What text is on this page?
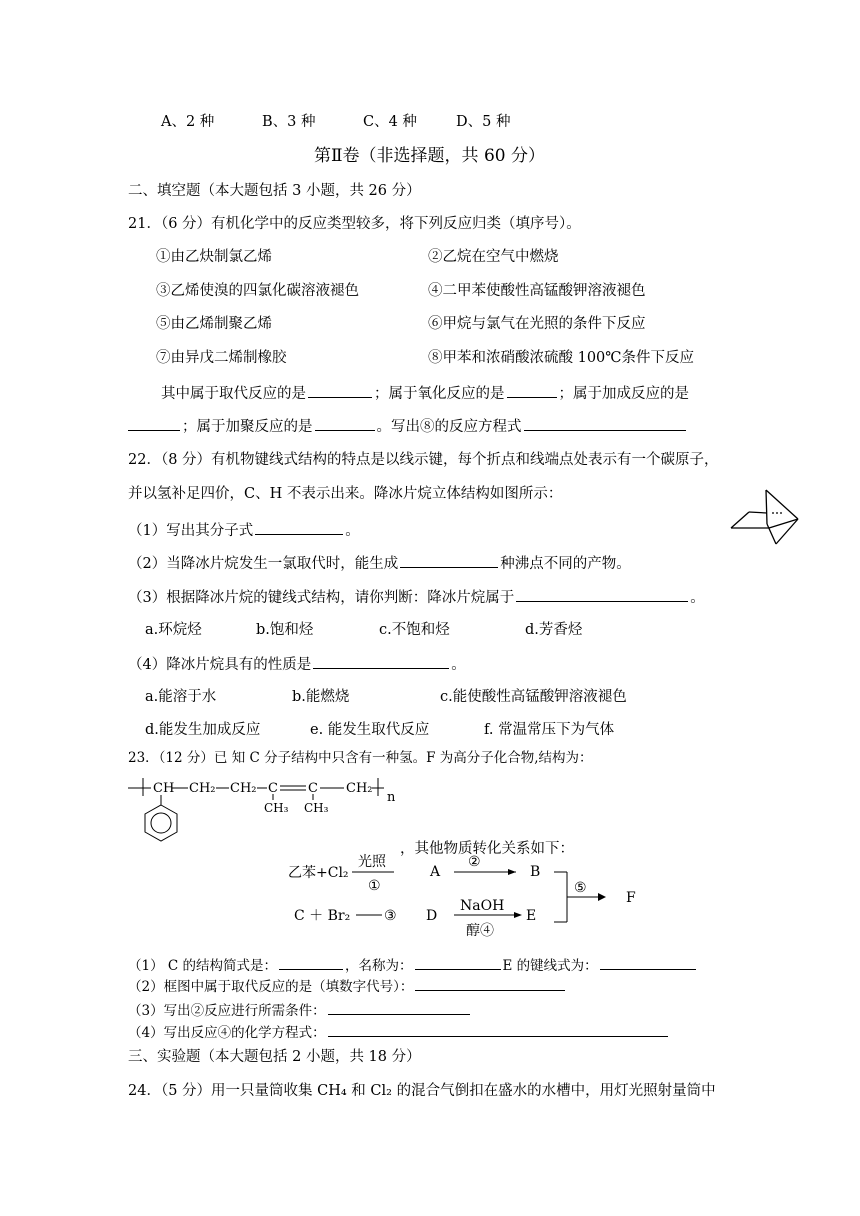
A、2 种	B、3 种	C、4 种	D、5 种
第Ⅱ卷（非选择题，共 60 分）
二、填空题（本大题包括 3 小题，共 26 分）
21．（6 分）有机化学中的反应类型较多，将下列反应归类（填序号）。
①由乙炔制氯乙烯	②乙烷在空气中燃烧
③乙烯使溴的四氯化碳溶液褪色	④二甲苯使酸性高锰酸钾溶液褪色
⑤由乙烯制聚乙烯	⑥甲烷与氯气在光照的条件下反应
⑦由异戊二烯制橡胶	⑧甲苯和浓硝酸浓硫酸 100℃条件下反应
其中属于取代反应的是	；属于氧化反应的是	；属于加成反应的是
；属于加聚反应的是	。写出⑧的反应方程式
22．（8 分）有机物键线式结构的特点是以线示键，每个折点和线端点处表示有一个碳原子，
并以氢补足四价，C、H 不表示出来。降冰片烷立体结构如图所示：
（1）写出其分子式	。
（2）当降冰片烷发生一氯取代时，能生成	种沸点不同的产物。
（3）根据降冰片烷的键线式结构，请你判断：降冰片烷属于	。
a.环烷烃	b.饱和烃	c.不饱和烃	d.芳香烃
（4）降冰片烷具有的性质是	。
a.能溶于水	b.能燃烧	c.能使酸性高锰酸钾溶液褪色
d.能发生加成反应	e. 能发生取代反应	f. 常温常压下为气体
23．（12 分）已 知 C 分子结构中只含有一种氢。F 为高分子化合物,结构为：
CH CH₂ CH₂ C C CH₂
CH₃ CH₃
n
，其他物质转化关系如下：
乙苯+Cl₂
光照
①
A
②
B
C ＋ Br₂ ③ D
NaOH
醇④
E
⑤
F
（1） C 的结构简式是：	，名称为：	E 的键线式为：
（2）框图中属于取代反应的是（填数字代号）：
（3）写出②反应进行所需条件：
（4）写出反应④的化学方程式：
三、实验题（本大题包括 2 小题，共 18 分）
24．（5 分）用一只量筒收集 CH₄ 和 Cl₂ 的混合气倒扣在盛水的水槽中，用灯光照射量筒中
